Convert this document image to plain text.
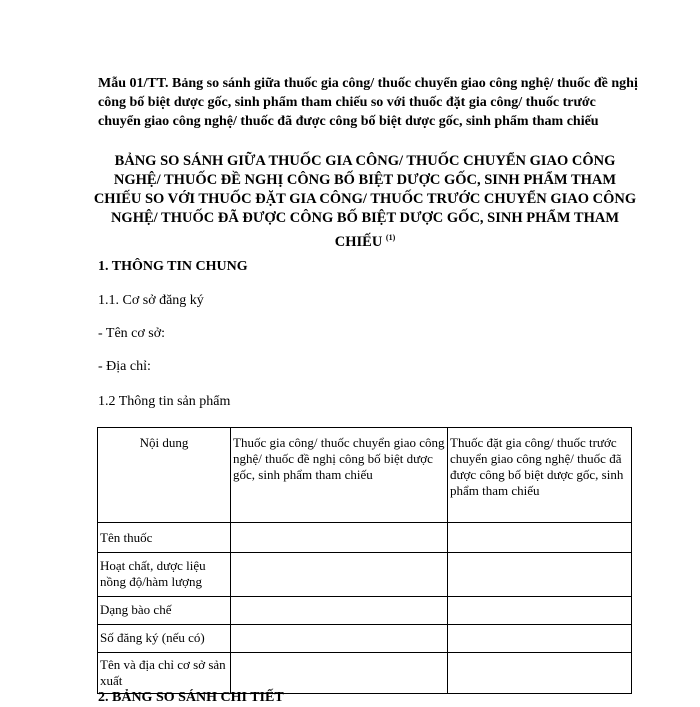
Mẫu 01/TT. Bảng so sánh giữa thuốc gia công/ thuốc chuyển giao công nghệ/ thuốc đề nghị công bố biệt dược gốc, sinh phẩm tham chiếu so với thuốc đặt gia công/ thuốc trước chuyển giao công nghệ/ thuốc đã được công bố biệt dược gốc, sinh phẩm tham chiếu
BẢNG SO SÁNH GIỮA THUỐC GIA CÔNG/ THUỐC CHUYỂN GIAO CÔNG NGHỆ/ THUỐC ĐỀ NGHỊ CÔNG BỐ BIỆT DƯỢC GỐC, SINH PHẨM THAM CHIẾU SO VỚI THUỐC ĐẶT GIA CÔNG/ THUỐC TRƯỚC CHUYỂN GIAO CÔNG NGHỆ/ THUỐC ĐÃ ĐƯỢC CÔNG BỐ BIỆT DƯỢC GỐC, SINH PHẨM THAM CHIẾU $^{(1)}$
1. THÔNG TIN CHUNG
1.1. Cơ sở đăng ký
- Tên cơ sở:
- Địa chỉ:
1.2 Thông tin sản phẩm
Nội dung	Thuốc gia công/ thuốc chuyển giao công nghệ/ thuốc đề nghị công bố biệt dược gốc, sinh phẩm tham chiếu	Thuốc đặt gia công/ thuốc trước chuyển giao công nghệ/ thuốc đã được công bố biệt dược gốc, sinh phẩm tham chiếu
Tên thuốc		
Hoạt chất, dược liệu nồng độ/hàm lượng		
Dạng bào chế		
Số đăng ký (nếu có)		
Tên và địa chỉ cơ sở sản xuất		
2. BẢNG SO SÁNH CHI TIẾT
